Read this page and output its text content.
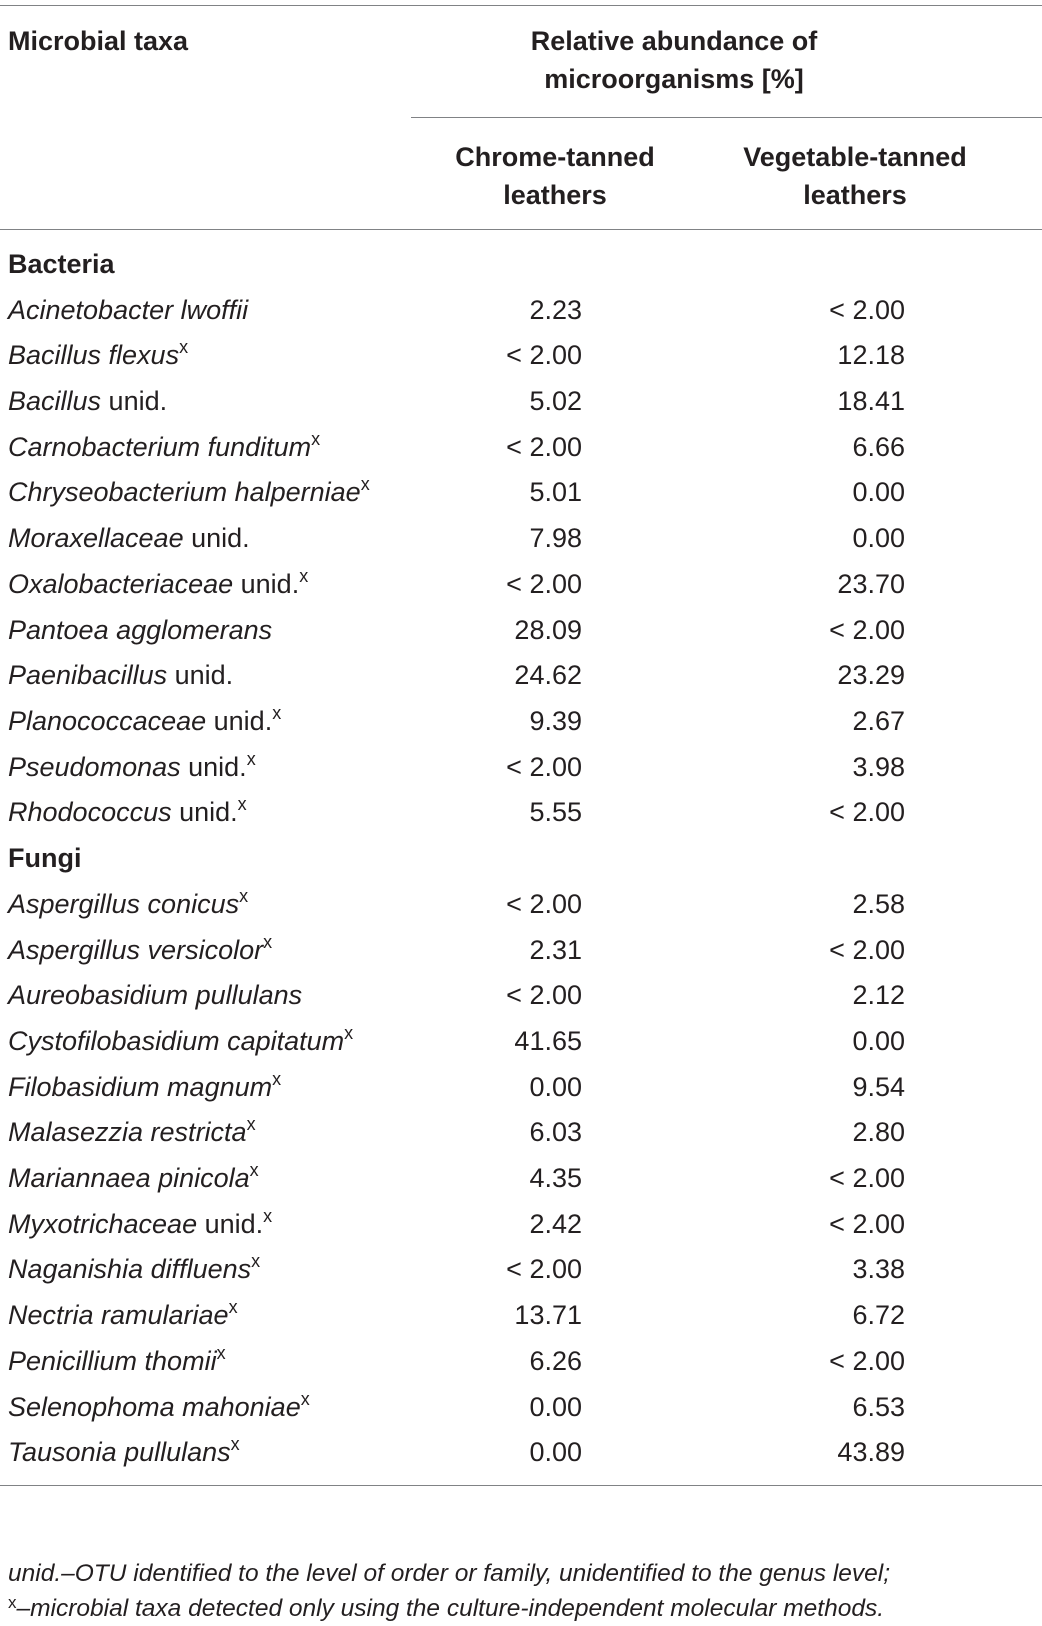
Microbial taxa	Relative abundance of
microorganisms [%]
Chrome-tanned
leathers
Vegetable-tanned
leathers
Bacteria
Acinetobacter lwoffii	2.23	< 2.00
Bacillus flexus$^x$	< 2.00	12.18
Bacillus unid.	5.02	18.41
Carnobacterium funditum$^x$	< 2.00	6.66
Chryseobacterium halperniae$^x$	5.01	0.00
Moraxellaceae unid.	7.98	0.00
Oxalobacteriaceae unid.$^x$	< 2.00	23.70
Pantoea agglomerans	28.09	< 2.00
Paenibacillus unid.	24.62	23.29
Planococcaceae unid.$^x$	9.39	2.67
Pseudomonas unid.$^x$	< 2.00	3.98
Rhodococcus unid.$^x$	5.55	< 2.00
Fungi
Aspergillus conicus$^x$	< 2.00	2.58
Aspergillus versicolor$^x$	2.31	< 2.00
Aureobasidium pullulans	< 2.00	2.12
Cystofilobasidium capitatum$^x$	41.65	0.00
Filobasidium magnum$^x$	0.00	9.54
Malasezzia restricta$^x$	6.03	2.80
Mariannaea pinicola$^x$	4.35	< 2.00
Myxotrichaceae unid.$^x$	2.42	< 2.00
Naganishia diffluens$^x$	< 2.00	3.38
Nectria ramulariae$^x$	13.71	6.72
Penicillium thomii$^x$	6.26	< 2.00
Selenophoma mahoniae$^x$	0.00	6.53
Tausonia pullulans$^x$	0.00	43.89
unid.–OTU identified to the level of order or family, unidentified to the genus level;
$^x$–microbial taxa detected only using the culture-independent molecular methods.
